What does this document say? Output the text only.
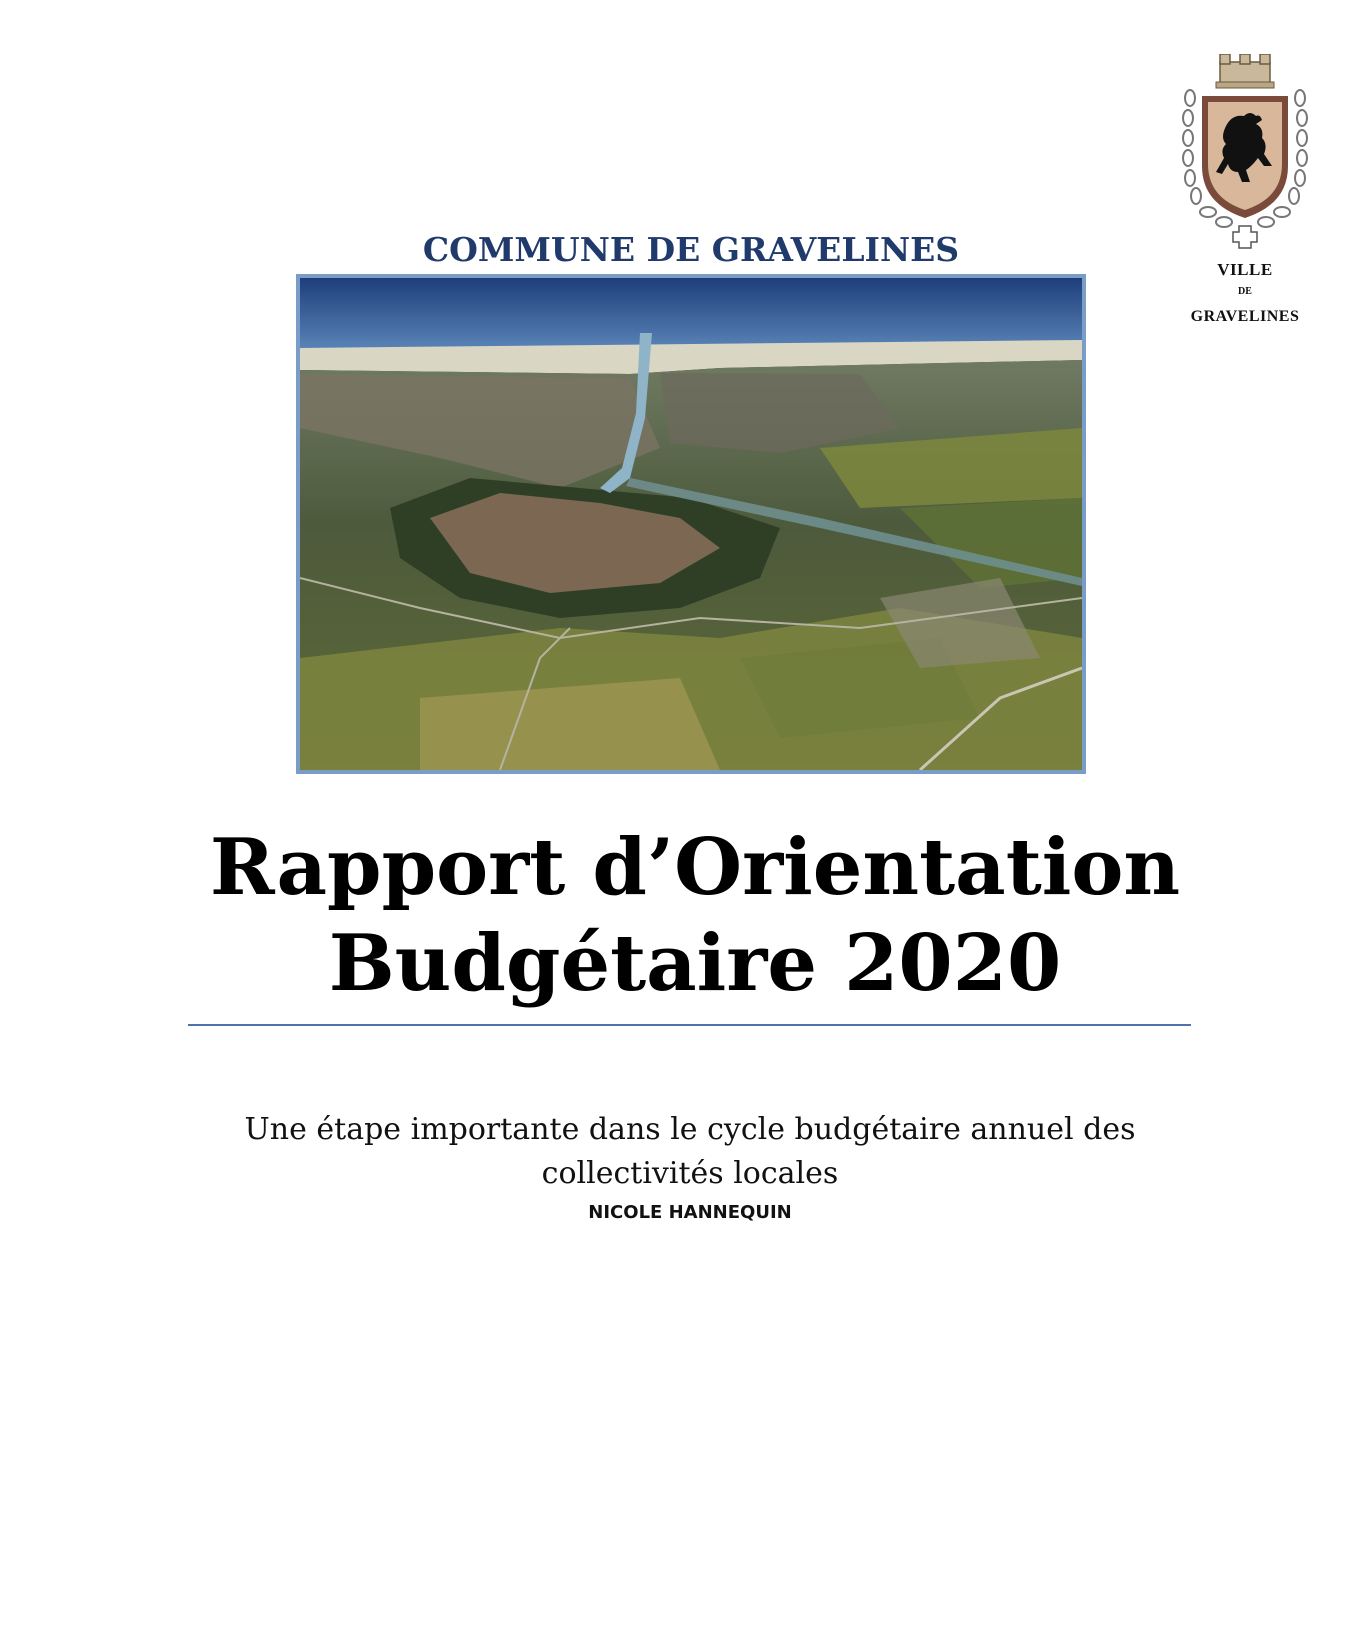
VILLE
DE
GRAVELINES
COMMUNE DE GRAVELINES
Rapport d’Orientation
Budgétaire 2020
Une étape importante dans le cycle budgétaire annuel des
collectivités locales
NICOLE HANNEQUIN
